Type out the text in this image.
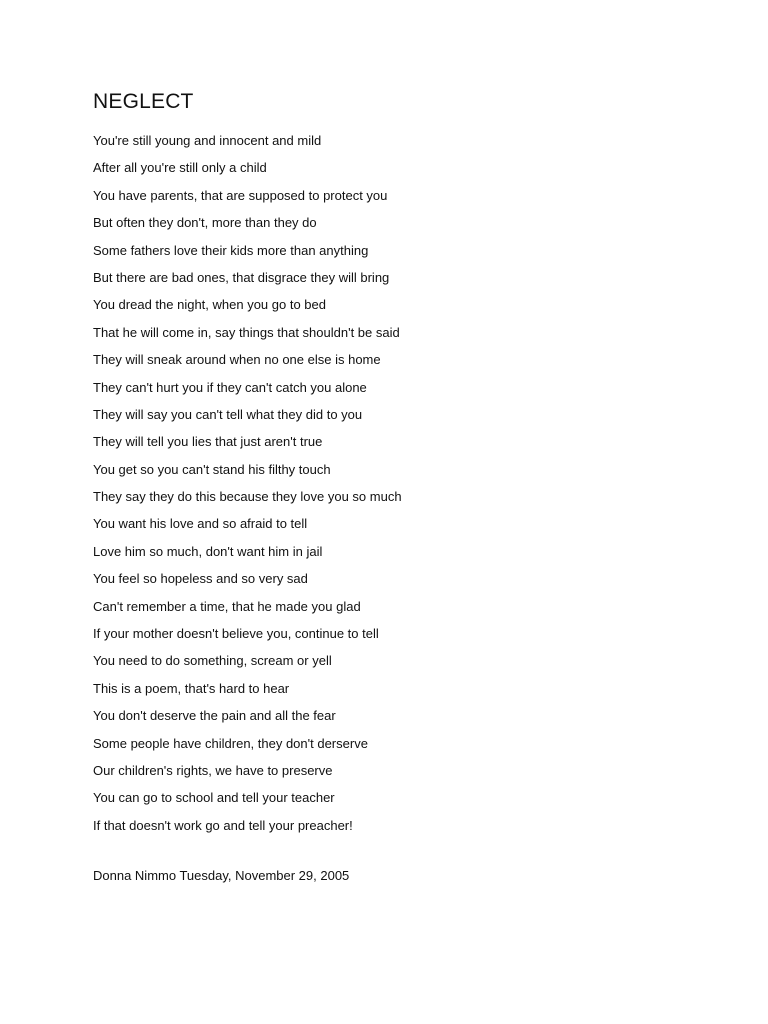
NEGLECT
You're still young and innocent and mild
After all you're still only a child
You have parents, that are supposed to protect you
But often they don't, more than they do
Some fathers love their kids more than anything
But there are bad ones, that disgrace they will bring
You dread the night, when you go to bed
That he will come in, say things that shouldn't be said
They will sneak around when no one else is home
They can't hurt you if they can't catch you alone
They will say you can't tell what they did to you
They will tell you lies that just aren't true
You get so you can't stand his filthy touch
They say they do this because they love you so much
You want his love and so afraid to tell
Love him so much, don't want him in jail
You feel so hopeless and so very sad
Can't remember a time, that he made you glad
If your mother doesn't believe you, continue to tell
You need to do something, scream or yell
This is a poem, that's hard to hear
You don't deserve the pain and all the fear
Some people have children, they don't derserve
Our children's rights, we have to preserve
You can go to school and tell your teacher
If that doesn't work go and tell your preacher!

Donna Nimmo Tuesday, November 29, 2005
